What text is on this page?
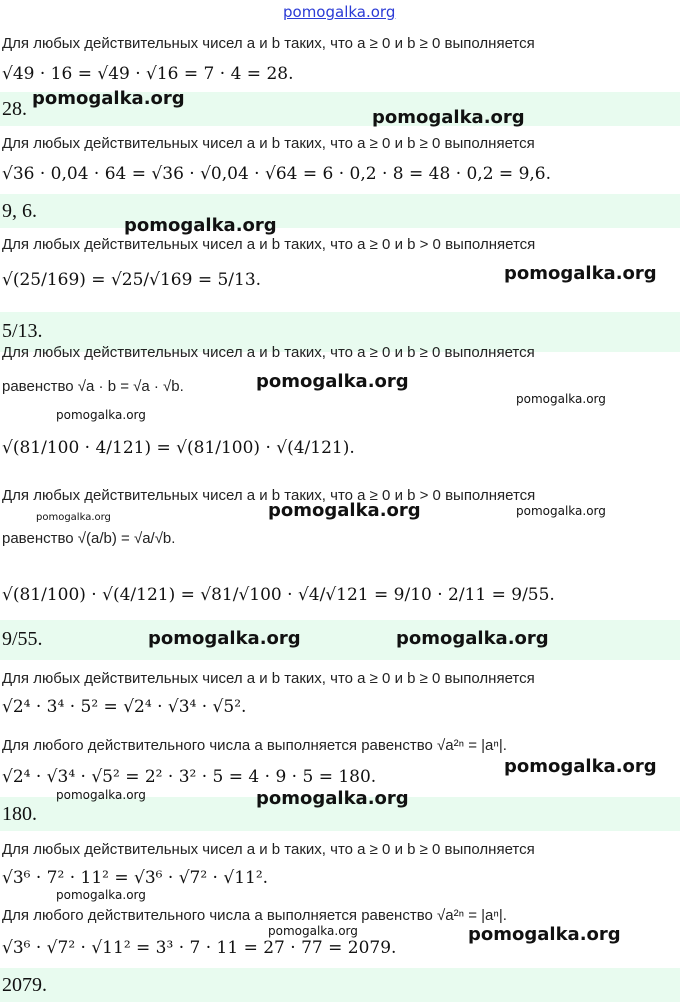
pomogalka.org
Для любых действительных чисел a и b таких, что a ≥ 0 и b ≥ 0 выполняется
√49 · 16 = √49 · √16 = 7 · 4 = 28.
28.
Для любых действительных чисел a и b таких, что a ≥ 0 и b ≥ 0 выполняется
√36 · 0,04 · 64 = √36 · √0,04 · √64 = 6 · 0,2 · 8 = 48 · 0,2 = 9,6.
9, 6.
Для любых действительных чисел a и b таких, что a ≥ 0 и b > 0 выполняется
√(25/169) = √25/√169 = 5/13.
5/13.
Для любых действительных чисел a и b таких, что a ≥ 0 и b ≥ 0 выполняется
равенство √a · b = √a · √b.
√(81/100 · 4/121) = √(81/100) · √(4/121).
Для любых действительных чисел a и b таких, что a ≥ 0 и b > 0 выполняется
равенство √(a/b) = √a/√b.
√(81/100) · √(4/121) = √81/√100 · √4/√121 = 9/10 · 2/11 = 9/55.
9/55.
Для любых действительных чисел a и b таких, что a ≥ 0 и b ≥ 0 выполняется
√2⁴ · 3⁴ · 5² = √2⁴ · √3⁴ · √5².
Для любого действительного числа a выполняется равенство √a²ⁿ = |aⁿ|.
√2⁴ · √3⁴ · √5² = 2² · 3² · 5 = 4 · 9 · 5 = 180.
180.
Для любых действительных чисел a и b таких, что a ≥ 0 и b ≥ 0 выполняется
√3⁶ · 7² · 11² = √3⁶ · √7² · √11².
Для любого действительного числа a выполняется равенство √a²ⁿ = |aⁿ|.
√3⁶ · √7² · √11² = 3³ · 7 · 11 = 27 · 77 = 2079.
2079.
pomogalka.org
pomogalka.org
pomogalka.org
pomogalka.org
pomogalka.org
pomogalka.org
pomogalka.org
pomogalka.org	pomogalka.org	pomogalka.org
pomogalka.org	pomogalka.org
pomogalka.org
pomogalka.org	pomogalka.org
pomogalka.org
pomogalka.org	pomogalka.org
